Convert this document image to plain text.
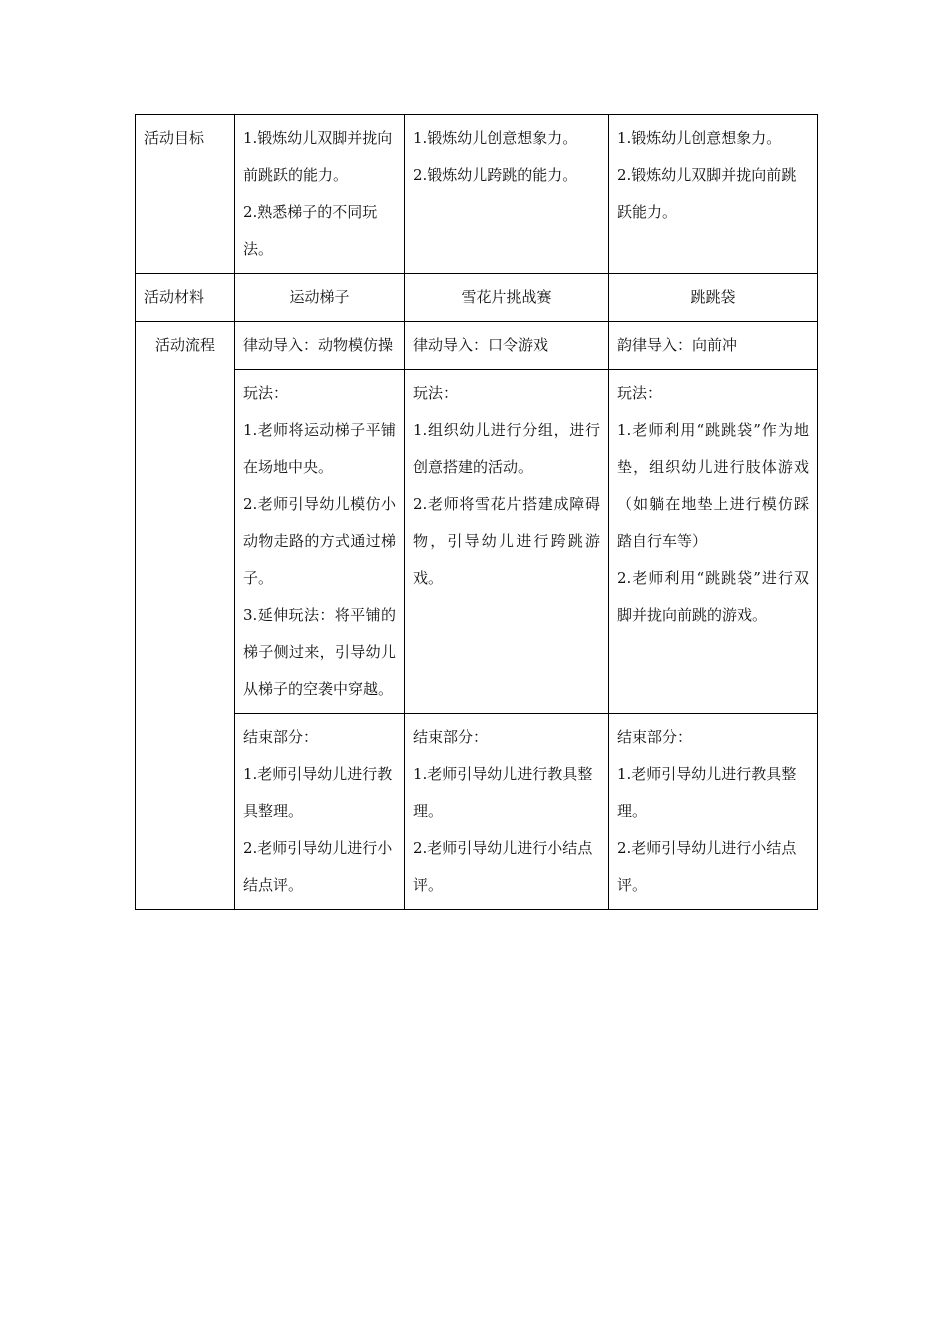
活动目标	1.锻炼幼儿双脚并拢向前跳跃的能力。
2.熟悉梯子的不同玩法。	1.锻炼幼儿创意想象力。
2.锻炼幼儿跨跳的能力。	1.锻炼幼儿创意想象力。
2.锻炼幼儿双脚并拢向前跳跃能力。

活动材料	运动梯子	雪花片挑战赛	跳跳袋
活动流程	律动导入：动物模仿操	律动导入：口令游戏	韵律导入：向前冲

	玩法：
1.老师将运动梯子平铺在场地中央。
2.老师引导幼儿模仿小动物走路的方式通过梯子。
3.延伸玩法：将平铺的梯子侧过来，引导幼儿从梯子的空袭中穿越。	玩法：
1.组织幼儿进行分组，进行创意搭建的活动。
2.老师将雪花片搭建成障碍物，引导幼儿进行跨跳游戏。	玩法：
1.老师利用“跳跳袋”作为地垫，组织幼儿进行肢体游戏（如躺在地垫上进行模仿踩踏自行车等）
2.老师利用“跳跳袋”进行双脚并拢向前跳的游戏。

	结束部分：
1.老师引导幼儿进行教具整理。
2.老师引导幼儿进行小结点评。	结束部分：
1.老师引导幼儿进行教具整理。
2.老师引导幼儿进行小结点评。	结束部分：
1.老师引导幼儿进行教具整理。
2.老师引导幼儿进行小结点评。
